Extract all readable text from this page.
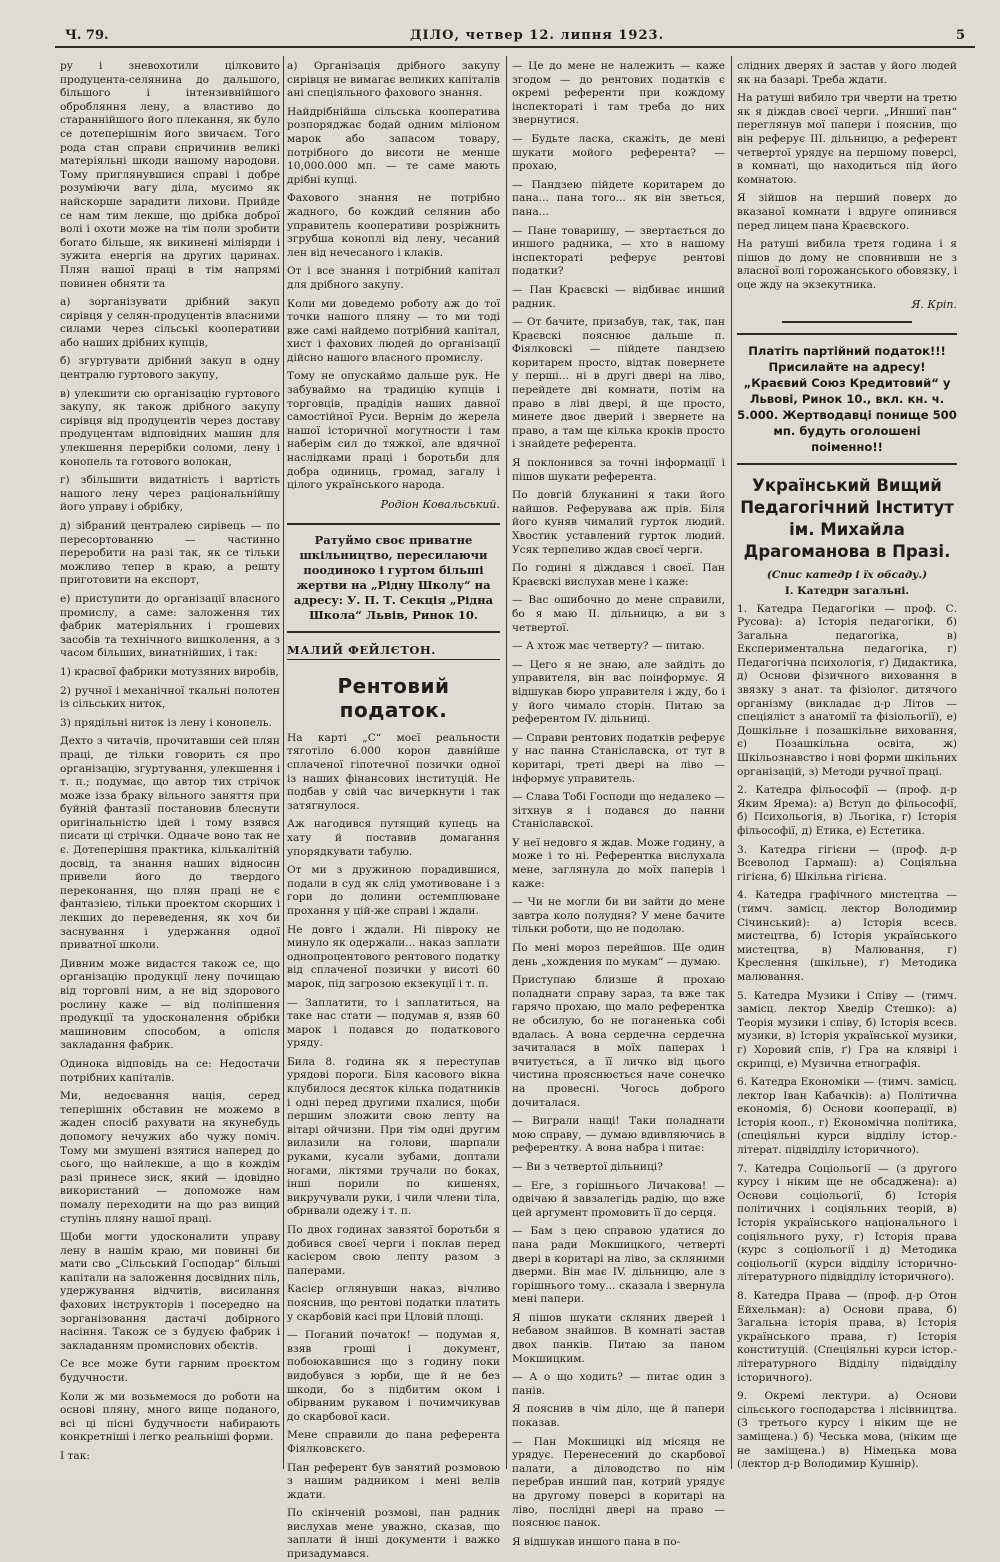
Ч. 79.	ДІЛО, четвер 12. липня 1923.	5

ру і зневохотили цілковито продуцента-селянина до дальшого, більшого і інтензивнійшого обробляння лену, а властиво до стараннійшого його плекання, як було се дотеперішнім його звичаєм. Того рода стан справи спричинив великі матеріяльні шкоди нашому народови. Тому приглянувшися справі і добре розуміючи вагу діла, мусимо як найскорше зарадити лихови. Прийде се нам тим лекше, що дрібка доброї волі і охоти може на тім поли зробити богато більше, як викинені міліярди і зужита енергія на других царинах. Плян нашої праці в тім напрямі повинен обняти та

а) зорганізувати дрібний закуп сирівця у селян-продуцентів власними силами через сільські кооперативи або наших дрібних купців,

б) згуртувати дрібний закуп в одну централю гуртового закупу,

в) улекшити сю організацію гуртового закупу, як також дрібного закупу сирівця від продуцентів через доставу продуцентам відповідних машин для улекшення перерібки соломи, лену і конопель та готового волокан,

г) збільшити видатність і вартість нашого лену через раціональнійшу його управу і обрібку,

д) зібраний централею сирівець — по пересортованню — частинно переробити на разі так, як се тільки можливо тепер в краю, а решту приготовити на експорт,

е) приступити до організації власного промислу, а саме: заложення тих фабрик матеріяльних і грошевих засобів та технічного вишколення, а з часом більших, винатнійших, і так:

1) красвої фабрики мотузяних виробів,

2) ручної і механічної ткальні полотен із сільських ниток,

3) прядільні ниток із лену і конопель.

Дехто з читачів, прочитавши сей плян праці, де тільки говорить ся про організацію, згуртування, улекшення і т. п.; подумає, що автор тих стрічок може ізза браку вільного заняття при буйній фантазії постановив блеснути оригінальністю ідей і тому взявся писати ці стрічки. Одначе воно так не є. Дотеперішня практика, кількалітній досвід, та знання наших відносин привели його до твердого переконання, що плян праці не є фантазією, тільки проектом скорших і лекших до переведення, як хоч би заснування і удержання одної приватної школи.

Дивним може видастся також се, що організацію продукції лену почищаю від торговлі ним, а не від здорового рослину каже — від поліпшення продукції та удосконалення обрібки машиновим способом, а опісля закладання фабрик.

Одинока відповідь на се: Недостачи потрібних капіталів.

Ми, недоєвання нація, серед теперішніх обставин не можемо в жаден спосіб рахувати на якунебудь допомогу нечужих або чужу поміч. Тому ми змушені взятися наперед до сього, що найлекше, а що в кождім разі принесе зиск, який — ідовідно використаний — допоможе нам помалу переходити на що раз вищий ступінь пляну нашої праці.

Щоби могти удосконалити управу лену в нашім краю, ми повинні би мати сво „Сільський Господар“ більші капітали на заложення досвідних піль, удержування відчитів, висилання фахових інструкторів і посередно на зорганізовання дастачі добірного насіння. Також се з будуєю фабрик і закладанням промислових обєктів.

Се все може бути гарним проєктом будучности.

Коли ж ми возьмемося до роботи на основі пляну, много вище поданого, всі ці пісні будучности набирають конкретніші і легко реальніші форми.

І так:

а) Організація дрібного закупу сирівця не вимагає великих капіталів ані спеціяльного фахового знання.

Найдрібнійша сільська кооператива розпоряджає бодай одним міліоном марок або запасом товару, потрібного до висоти не менше 10,000.000 мп. — те саме мають дрібні купці.

Фахового знання не потрібно жадного, бо кождий селянин або управитель кооперативи розріжнить згрубша коноплі від лену, чесаний лен від нечесаного і клаків.

От і все знання і потрібний капітал для дрібного закупу.

Коли ми доведемо роботу аж до тої точки нашого пляну — то ми тоді вже самі найдемо потрібний капітал, хист і фахових людей до організації дійсно нашого власного промислу.

Тому не опускаймо дальше рук. Не забуваймо на традицію купців і торговців, прадідів наших давної самостійної Руси. Вернім до жерела нашої історичної могутности і там наберім сил до тяжкої, але вдячної наслідками праці і боротьби для добра одиниць, громад, загалу і цілого українського народа.

Родіон Ковальський.
Ратуймо своє приватне шкільництво, пересилаючи поодиноко і гуртом більші жертви на „Рідну Школу“ на адресу: У. П. Т. Секція „Рідна Школа“ Львів, Ринок 10.
МАЛИЙ ФЕЙЛЄТОН.
Рентовий податок.

На карті „С“ моєї реальности тяготіло 6.000 корон давнійше сплаченої гіпотечної позички одної із наших фінансових інституцій. Не подбав у свій час вичеркнути і так затягнулося.

Аж нагодився путящий купець на хату й поставив домагання упорядкувати табулю.

От ми з дружиною порадившися, подали в суд як слід умотивоване і з гори до долини остемплюване прохання у цій-же справі і ждали.

Не довго і ждали. Ні півроку не минуло як одержали... наказ заплати однопроцентового рентового податку від сплаченої позички у висоті 60 марок, під загрозою екзекуції і т. п.

— Заплатити, то і заплатиться, на таке нас стати — подумав я, взяв 60 марок і подався до податкового уряду.

Била 8. година як я переступав урядові пороги. Біля касового вікна клубилося десяток кілька податників і одні перед другими пхалися, щоби першим зложити свою лепту на вітарі ойчизни. При тім одні другим вилазили на голови, шарпали руками, кусали зубами, доптали ногами, ліктями тручали по боках, інші порили по кишенях, викручували руки, і чили члени тіла, обривали одежу і т. п.

По двох годинах завзятої боротьби я добився своєї черги і поклав перед касієром свою лепту разом з паперами.

Касієр оглянувши наказ, вічливо пояснив, що рентові податки платить у скарбовій касі при Цловій площі.

— Поганий початок! — подумав я, взяв гроші і документ, побоюкавшися що з годину поки видобувся з юрби, ще й не без шкоди, бо з підбитим оком і обірваним рукавом і почимчикував до скарбової каси.

Мене справили до пана референта Фіялковскєго.

Пан референт був занятий розмовою з нашим радником і мені велів ждати.

По скінченій розмові, пан радник вислухав мене уважно, сказав, що заплати й інші документи і важко призадумався.

— Це до мене не належить — каже згодом — до рентових податків є окремі референти при кождому інспектораті і там треба до них звернутися.

— Будьте ласка, скажіть, де мені шукати мойого референта? — прохаю,

— Пандзею пійдете коритарем до пана... пана того... як він зветься, пана...

— Пане товаришу, — звертається до иншого радника, — хто в нашому інспектораті реферує рентові податки?

— Пан Краєвскі — відбиває инший радник.

— От бачите, призабув, так, так, пан Краєвскі пояснює дальше п. Фіялковскі — пійдете пандзею коритарем просто, відтак повернете у перші... ні в другі двері на ліво, перейдете дві комнати, потім на право в ліві двері, й ще просто, минете двоє дверий і звернете на право, а там ще кілька кроків просто і знайдете референта.

Я поклонився за точні інформації і пішов шукати референта.

По довгій блуканині я таки його найшов. Реферувава аж прів. Біля його куняв чималий гурток людий. Хвостик уставлений гурток людий. Усяк терпеливо ждав своєї черги.

По годині я діждався і своєї. Пан Краєвскі вислухав мене і каже:

— Вас ошибочно до мене справили, бо я маю II. дільницю, а ви з четвертої.

— А хтож має четверту? — питаю.

— Цего я не знаю, але зайдіть до управителя, він вас поінформує. Я відшукав бюро управителя і жду, бо і у його чимало сторін. Питаю за референтом IV. дільниці.

— Справи рентових податків реферує у нас панна Станіславска, от тут в коритарі, треті двері на ліво — інформує управитель.

— Слава Тобі Господи що недалеко — зітхнув я і подався до панни Станіславскої.

У неї недовго я ждав. Може годину, а може і то ні. Референтка вислухала мене, заглянула до моїх паперів і каже:

— Чи не могли би ви зайти до мене завтра коло полудня? У мене бачите тільки роботи, що не подолаю.

По мені мороз перейшов. Ще один день „хождения по мукам“ — думаю.

Приступаю близше й прохаю поладнати справу зараз, та вже так гарячо прохаю, що мало референтка не обсилую, бо не поганенька собі вдалась. А вона сердечна сердечна зачиталася в моїх паперах і вчитується, а її личко від цього чистина прояснюється наче сонечко на провесні. Чогось доброго дочиталася.

— Виграли нащі! Таки поладнати мою справу, — думаю вдивляючись в референтку. А вона набра і питає:

— Ви з четвертої дільниці?

— Еге, з горішнього Личакова! — одвічаю й завзалегідь радію, що вже цей аргумент промовить її до серця.

— Бам з цею справою удатися до пана ради Мокшицкого, четверті двері в коритарі на ліво, за скляними дверми. Він має IV. дільницю, але з горішнього тому... сказала і звернула мені папери.

Я пішов шукати скляних дверей і небавом знайшов. В комнаті застав двох панків. Питаю за паном Мокшицким.

— А о що ходить? — питає один з панів.

Я пояснив в чім діло, ще й папери показав.

— Пан Мокшицкі від місяця не урядує. Перенесений до скарбової палати, а діловодство по нім перебрав инший пан, котрий урядує на другому поверсі в коритарі на ліво, послідні двері на право — пояснює панок.

Я відшукав иншого пана в по-

слідних дверях й застав у його людей як на базарі. Треба ждати.

На ратуші вибило три чверти на третю як я діждав своєї черги. „Иншиї пан“ переглянув мої папери і пояснив, що він реферує III. дільницю, а референт четвертої урядує на першому поверсі, в комнаті, що находиться під його комнатою.

Я зійшов на перший поверх до вказаної комнати і вдруге опинився перед лицем пана Краєвского.

На ратуші вибила третя година і я пішов до дому не сповнивши не з власної волі горожанського обовязку, і оце жду на экзекутника.

Я. Кріп.
Платіть партійний податок!!! Присилайте на адресу! „Краєвий Союз Кредитовий“ у Львові, Ринок 10., вкл. кн. ч. 5.000. Жертводавці понище 500 мп. будуть оголошені поіменно!!
Український Вищий Педагогічний Інститут ім. Михайла Драгоманова в Празі.
(Спис катедр і їх обсаду.)
І. Катедри загальні.

1. Катедра Педагогіки — проф. С. Русова): а) Історія педагогіки, б) Загальна педагогіка, в) Експериментальна педагогіка, г) Педагогічна психологія, ґ) Дидактика, д) Основи фізичного виховання в звязку з анат. та фізіолог. дитячого організму (викладає д-р Літов — спеціяліст з анатомії та фізіольогії), е) Дошкільне і позашкільне виховання, є) Позашкільна освіта, ж) Шкільознавство і нові форми шкільних організацій, з) Методи ручної праці.

2. Катедра фільософії — (проф. д-р Яким Ярема): а) Вступ до фільософії, б) Психольогія, в) Льогіка, г) Історія фільософії, д) Етика, е) Естетика.

3. Катедра гігієни — (проф. д-р Всеволод Гармаш): а) Соціяльна гігієна, б) Шкільна гігієна.

4. Катедра графічного мистецтва — (тимч. замісц. лектор Володимир Січинський): а) Історія всесв. мистецтва, б) Історія українського мистецтва, в) Малювання, г) Креслення (шкільне), ґ) Методика малювання.

5. Катедра Музики і Співу — (тимч. замісц. лектор Хведір Стешко): а) Теорія музики і співу, б) Історія всесв. музики, в) Історія української музики, г) Хоровий спів, ґ) Гра на клявірі і скрипці, е) Музична етнографія.

6. Катедра Економіки — (тимч. замісц. лектор Іван Кабачків): а) Політична економія, б) Основи кооперації, в) Історія кооп., г) Економічна політика, (спеціяльні курси відділу істор.-літерат. підвідділу історичного).

7. Катедра Соціольогії — (з другого курсу і ніким ще не обсаджена): а) Основи соціольогії, б) Історія політичних і соціяльних теорій, в) Історія українського національного і соціяльного руху, г) Історія права (курс з соціольогії і д) Методика соціольогії (курси відділу історично-літературного підвідділу історичного).

8. Катедра Права — (проф. д-р Отон Ейхельман): а) Основи права, б) Загальна історія права, в) Історія українського права, г) Історія конституцій. (Спеціяльні курси істор.-літературного Відділу підвідділу історичного).

9. Окремі лектури. а) Основи сільського господарства і лісівництва. (З третього курсу і ніким ще не заміщена.) б) Чеська мова, (ніким ще не заміщена.) в) Німецька мова (лектор д-р Володимир Кушнір).
